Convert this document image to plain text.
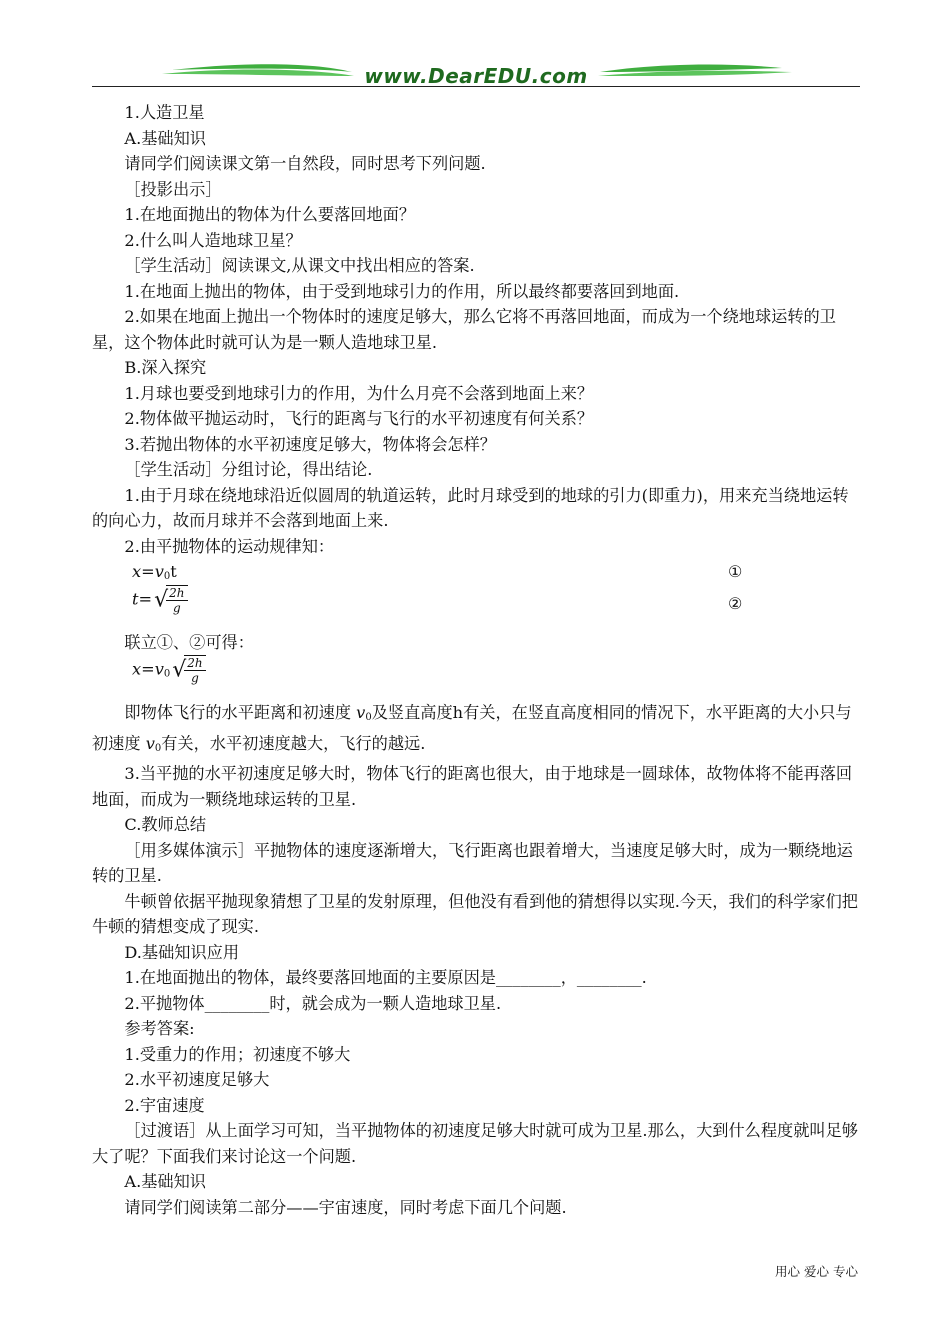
www.DearEDU.com

1.人造卫星

A.基础知识

请同学们阅读课文第一自然段，同时思考下列问题.

［投影出示］

1.在地面抛出的物体为什么要落回地面？

2.什么叫人造地球卫星？

［学生活动］阅读课文,从课文中找出相应的答案.

1.在地面上抛出的物体，由于受到地球引力的作用，所以最终都要落回到地面.

2.如果在地面上抛出一个物体时的速度足够大，那么它将不再落回地面，而成为一个绕地球运转的卫星，这个物体此时就可认为是一颗人造地球卫星.

B.深入探究

1.月球也要受到地球引力的作用，为什么月亮不会落到地面上来？

2.物体做平抛运动时，飞行的距离与飞行的水平初速度有何关系？

3.若抛出物体的水平初速度足够大，物体将会怎样？

［学生活动］分组讨论，得出结论.

1.由于月球在绕地球沿近似圆周的轨道运转，此时月球受到的地球的引力(即重力)，用来充当绕地运转的向心力，故而月球并不会落到地面上来.

2.由平抛物体的运动规律知：

$x=v_0t$	①
t=√
$\frac{2h}{g}$	②

联立①、②可得：

$x=v_0√$
$\frac{2h}{g}$

即物体飞行的水平距离和初速度 $v_0$及竖直高度h有关，在竖直高度相同的情况下，水平距离的大小只与初速度 $v_0$有关，水平初速度越大，飞行的越远.

3.当平抛的水平初速度足够大时，物体飞行的距离也很大，由于地球是一圆球体，故物体将不能再落回地面，而成为一颗绕地球运转的卫星.

C.教师总结

［用多媒体演示］平抛物体的速度逐渐增大，飞行距离也跟着增大，当速度足够大时，成为一颗绕地运转的卫星.

牛顿曾依据平抛现象猜想了卫星的发射原理，但他没有看到他的猜想得以实现.今天，我们的科学家们把牛顿的猜想变成了现实.

D.基础知识应用

1.在地面抛出的物体，最终要落回地面的主要原因是________，________.

2.平抛物体________时，就会成为一颗人造地球卫星.

参考答案:

1.受重力的作用；初速度不够大

2.水平初速度足够大

2.宇宙速度

［过渡语］从上面学习可知，当平抛物体的初速度足够大时就可成为卫星.那么，大到什么程度就叫足够大了呢？下面我们来讨论这一个问题.

A.基础知识

请同学们阅读第二部分——宇宙速度，同时考虑下面几个问题.

用心 爱心 专心
